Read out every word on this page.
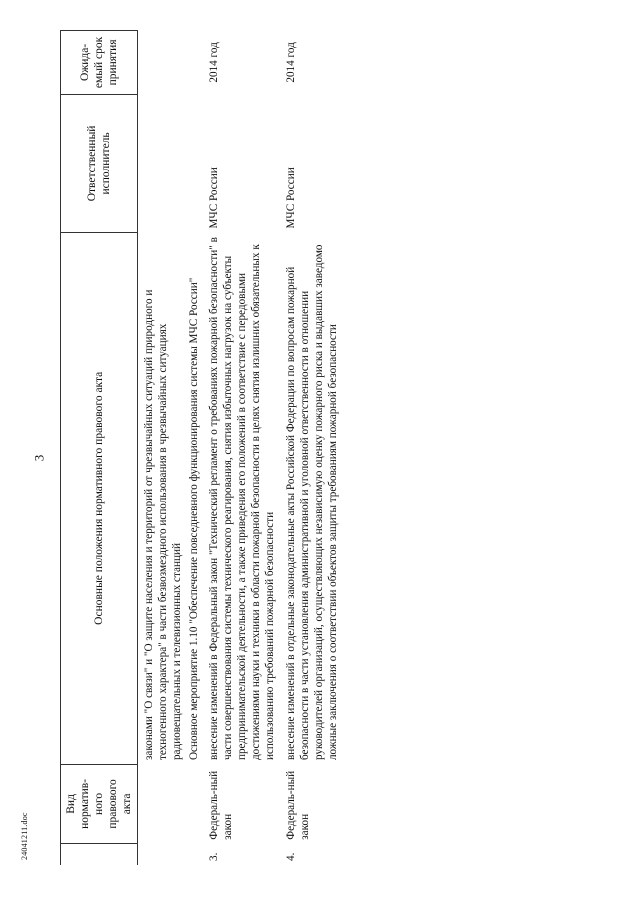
3
	Вид норматив-ного правового акта	Основные положения нормативного правового акта	Ответственный исполнитель	Ожида-емый срок принятия
		законами "О связи" и "О защите населения и территорий от чрезвычайных ситуаций природного и техногенного характера" в части безвозмездного использования в чрезвычайных ситуациях радиовещательных и телевизионных станций		
		Основное мероприятие 1.10 "Обеспечение повседневного функционирования системы МЧС России"		
3.	Федераль-ный закон	внесение изменений в Федеральный закон "Технический регламент о требованиях пожарной безопасности" в части совершенствования системы технического реагирования, снятия избыточных нагрузок на субъекты предпринимательской деятельности, а также приведения его положений в соответствие с передовыми достижениями науки и техники в области пожарной безопасности в целях снятия излишних обязательных к использованию требований пожарной безопасности	МЧС России	2014 год
4.	Федераль-ный закон	внесение изменений в отдельные законодательные акты Российской Федерации по вопросам пожарной безопасности в части установления административной и уголовной ответственности в отношении руководителей организаций, осуществляющих независимую оценку пожарного риска и выдавших заведомо ложные заключения о соответствии объектов защиты требованиям пожарной безопасности	МЧС России	2014 год
24041211.doc
